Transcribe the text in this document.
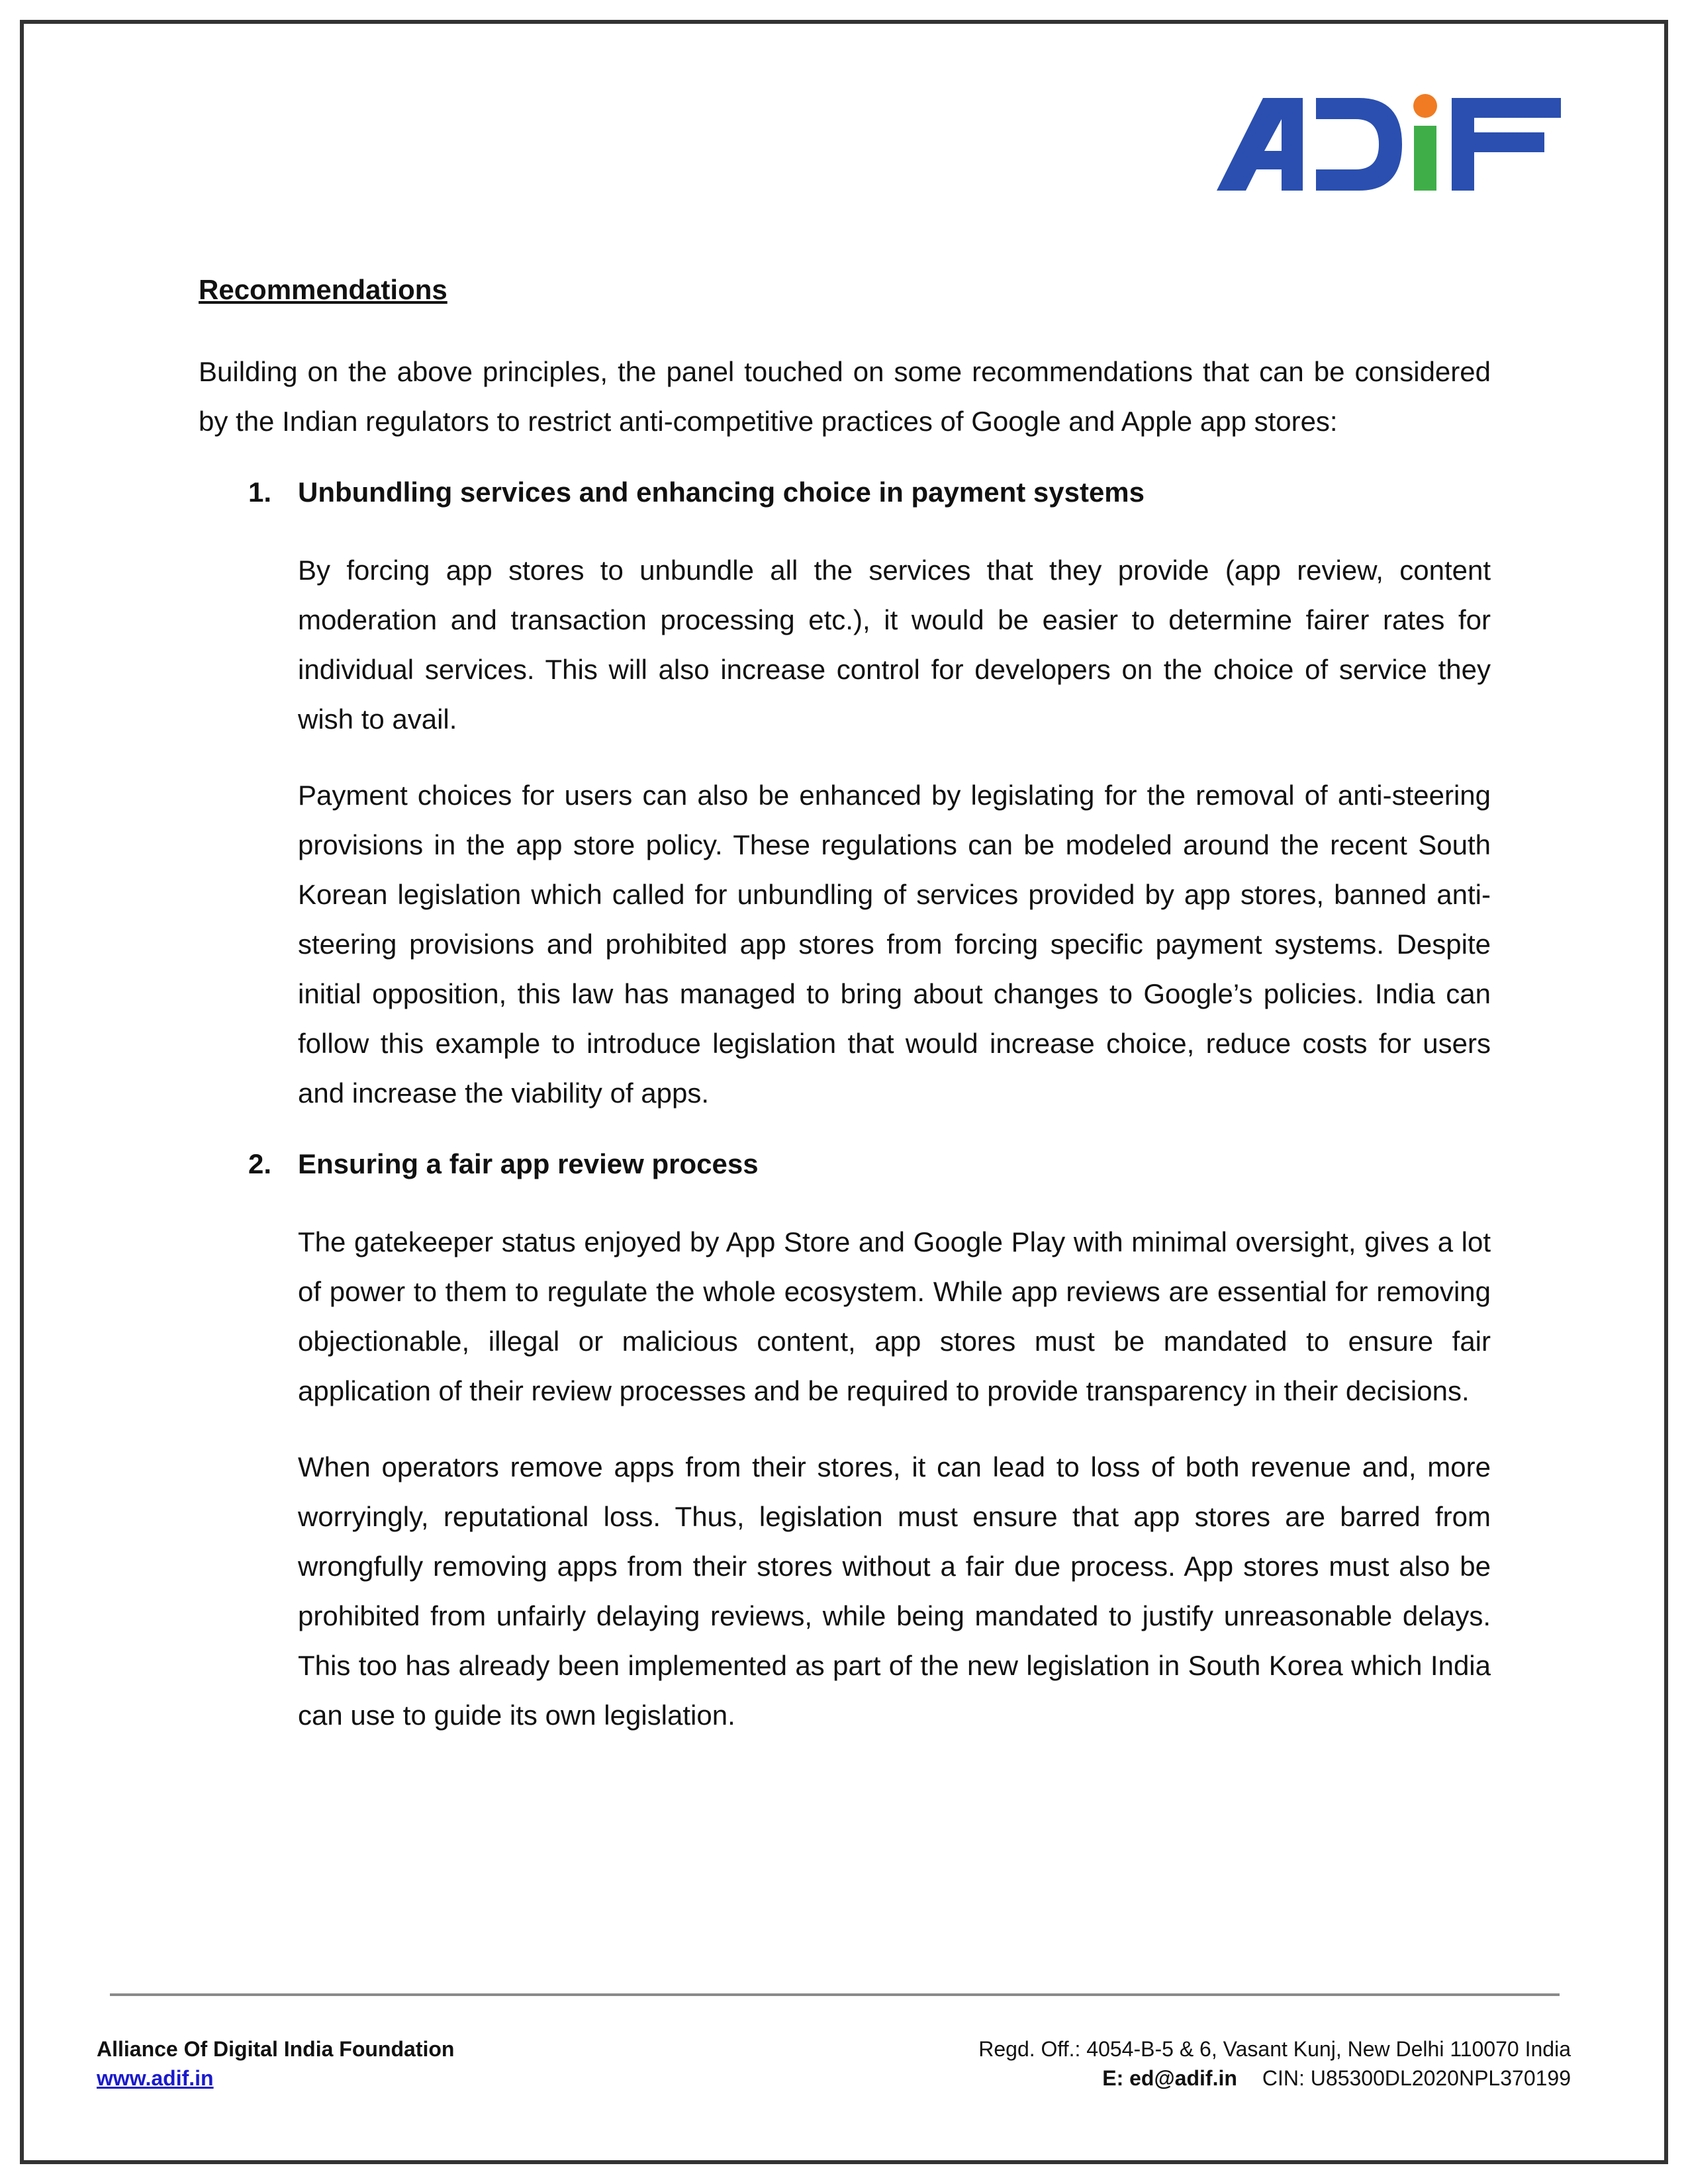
Recommendations

Building on the above principles, the panel touched on some recommendations that can be considered by the Indian regulators to restrict anti-competitive practices of Google and Apple app stores:

1. Unbundling services and enhancing choice in payment systems

By forcing app stores to unbundle all the services that they provide (app review, content moderation and transaction processing etc.), it would be easier to determine fairer rates for individual services. This will also increase control for developers on the choice of service they wish to avail.

Payment choices for users can also be enhanced by legislating for the removal of anti-steering provisions in the app store policy. These regulations can be modeled around the recent South Korean legislation which called for unbundling of services provided by app stores, banned anti-steering provisions and prohibited app stores from forcing specific payment systems. Despite initial opposition, this law has managed to bring about changes to Google’s policies. India can follow this example to introduce legislation that would increase choice, reduce costs for users and increase the viability of apps.

2. Ensuring a fair app review process

The gatekeeper status enjoyed by App Store and Google Play with minimal oversight, gives a lot of power to them to regulate the whole ecosystem. While app reviews are essential for removing objectionable, illegal or malicious content, app stores must be mandated to ensure fair application of their review processes and be required to provide transparency in their decisions.

When operators remove apps from their stores, it can lead to loss of both revenue and, more worryingly, reputational loss. Thus, legislation must ensure that app stores are barred from wrongfully removing apps from their stores without a fair due process. App stores must also be prohibited from unfairly delaying reviews, while being mandated to justify unreasonable delays. This too has already been implemented as part of the new legislation in South Korea which India can use to guide its own legislation.

Alliance Of Digital India Foundation
www.adif.in
Regd. Off.: 4054-B-5 & 6, Vasant Kunj, New Delhi 110070 India
E: ed@adif.in CIN: U85300DL2020NPL370199
